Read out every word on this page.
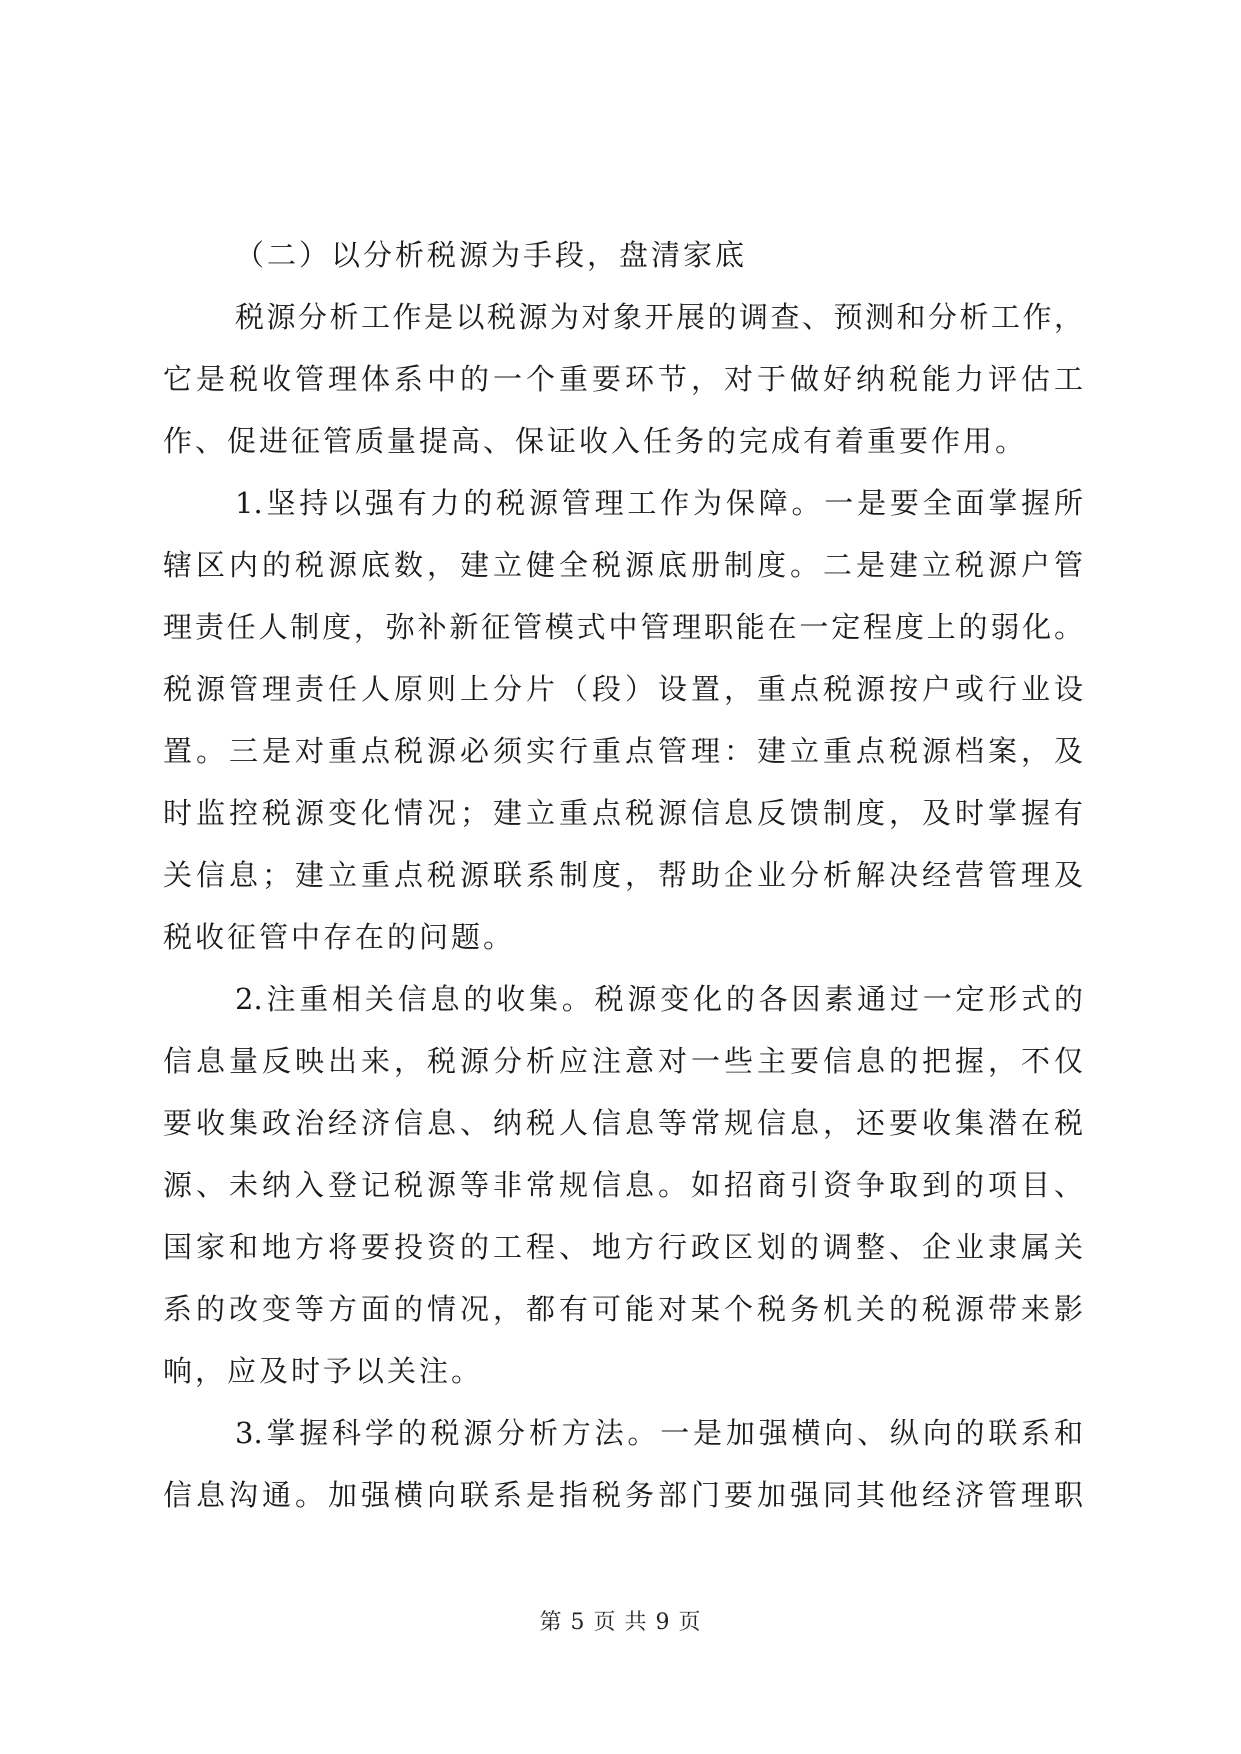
（二）以分析税源为手段，盘清家底
税源分析工作是以税源为对象开展的调查、预测和分析工作，
它是税收管理体系中的一个重要环节，对于做好纳税能力评估工
作、促进征管质量提高、保证收入任务的完成有着重要作用。
1.坚持以强有力的税源管理工作为保障。一是要全面掌握所
辖区内的税源底数，建立健全税源底册制度。二是建立税源户管
理责任人制度，弥补新征管模式中管理职能在一定程度上的弱化。
税源管理责任人原则上分片（段）设置，重点税源按户或行业设
置。三是对重点税源必须实行重点管理：建立重点税源档案，及
时监控税源变化情况；建立重点税源信息反馈制度，及时掌握有
关信息；建立重点税源联系制度，帮助企业分析解决经营管理及
税收征管中存在的问题。
2.注重相关信息的收集。税源变化的各因素通过一定形式的
信息量反映出来，税源分析应注意对一些主要信息的把握，不仅
要收集政治经济信息、纳税人信息等常规信息，还要收集潜在税
源、未纳入登记税源等非常规信息。如招商引资争取到的项目、
国家和地方将要投资的工程、地方行政区划的调整、企业隶属关
系的改变等方面的情况，都有可能对某个税务机关的税源带来影
响，应及时予以关注。
3.掌握科学的税源分析方法。一是加强横向、纵向的联系和
信息沟通。加强横向联系是指税务部门要加强同其他经济管理职
第 5 页 共 9 页
